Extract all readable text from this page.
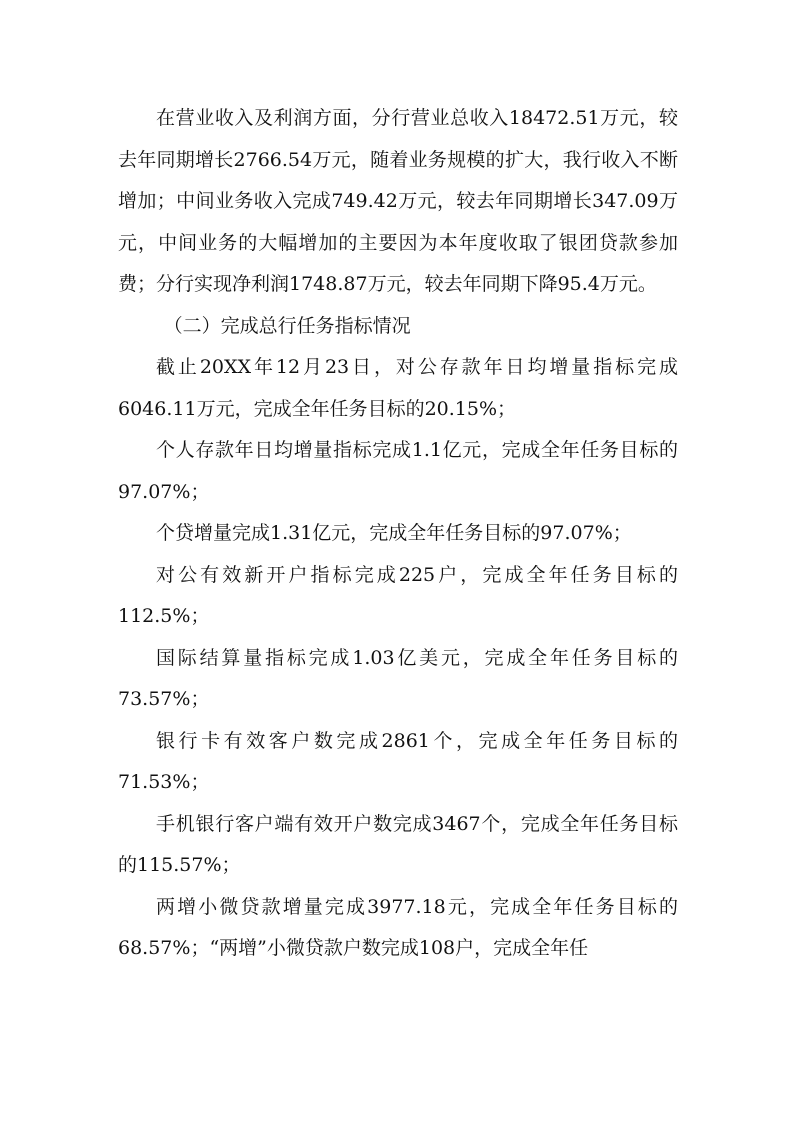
在营业收入及利润方面，分行营业总收入18472.51万元，较去年同期增长2766.54万元，随着业务规模的扩大，我行收入不断增加；中间业务收入完成749.42万元，较去年同期增长347.09万元，中间业务的大幅增加的主要因为本年度收取了银团贷款参加费；分行实现净利润1748.87万元，较去年同期下降95.4万元。

（二）完成总行任务指标情况

截止20XX年12月23日，对公存款年日均增量指标完成6046.11万元，完成全年任务目标的20.15%；

个人存款年日均增量指标完成1.1亿元，完成全年任务目标的97.07%；

个贷增量完成1.31亿元，完成全年任务目标的97.07%；

对公有效新开户指标完成225户，完成全年任务目标的112.5%；

国际结算量指标完成1.03亿美元，完成全年任务目标的73.57%；

银行卡有效客户数完成2861个，完成全年任务目标的71.53%；

手机银行客户端有效开户数完成3467个，完成全年任务目标的115.57%；

两增小微贷款增量完成3977.18元，完成全年任务目标的68.57%；“两增”小微贷款户数完成108户，完成全年任
